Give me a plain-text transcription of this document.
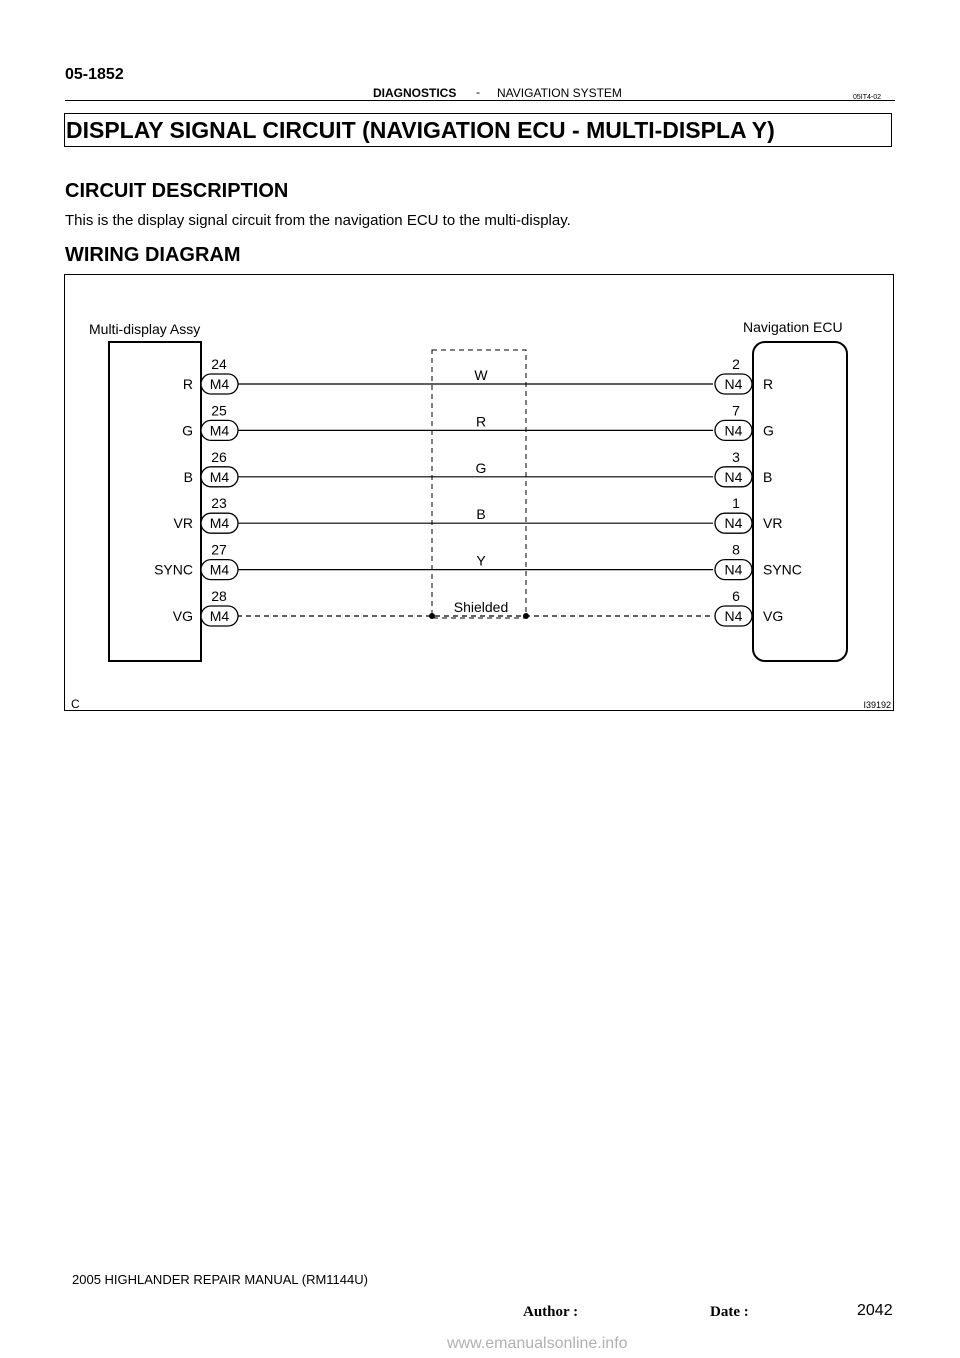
05-1852
DIAGNOSTICS - NAVIGATION SYSTEM	05IT4-02
DISPLAY SIGNAL CIRCUIT (NAVIGATION ECU - MULTI-DISPLA Y)
CIRCUIT DESCRIPTION
This is the display signal circuit from the navigation ECU to the multi-display.
WIRING DIAGRAM
Multi-display Assy	Navigation ECU
C	I39192
M4
24
R	N4
2
R
W
M4
25
G	N4
7
G
R
M4
26
B	N4
3
B
G
M4
23
VR	N4
1
VR
B
M4
27
SYNC	N4
8
SYNC
Y
M4
28
VG	N4
6
VG
Shielded
2005 HIGHLANDER REPAIR MANUAL (RM1144U)
Author :	Date :	2042
www.emanualsonline.info
